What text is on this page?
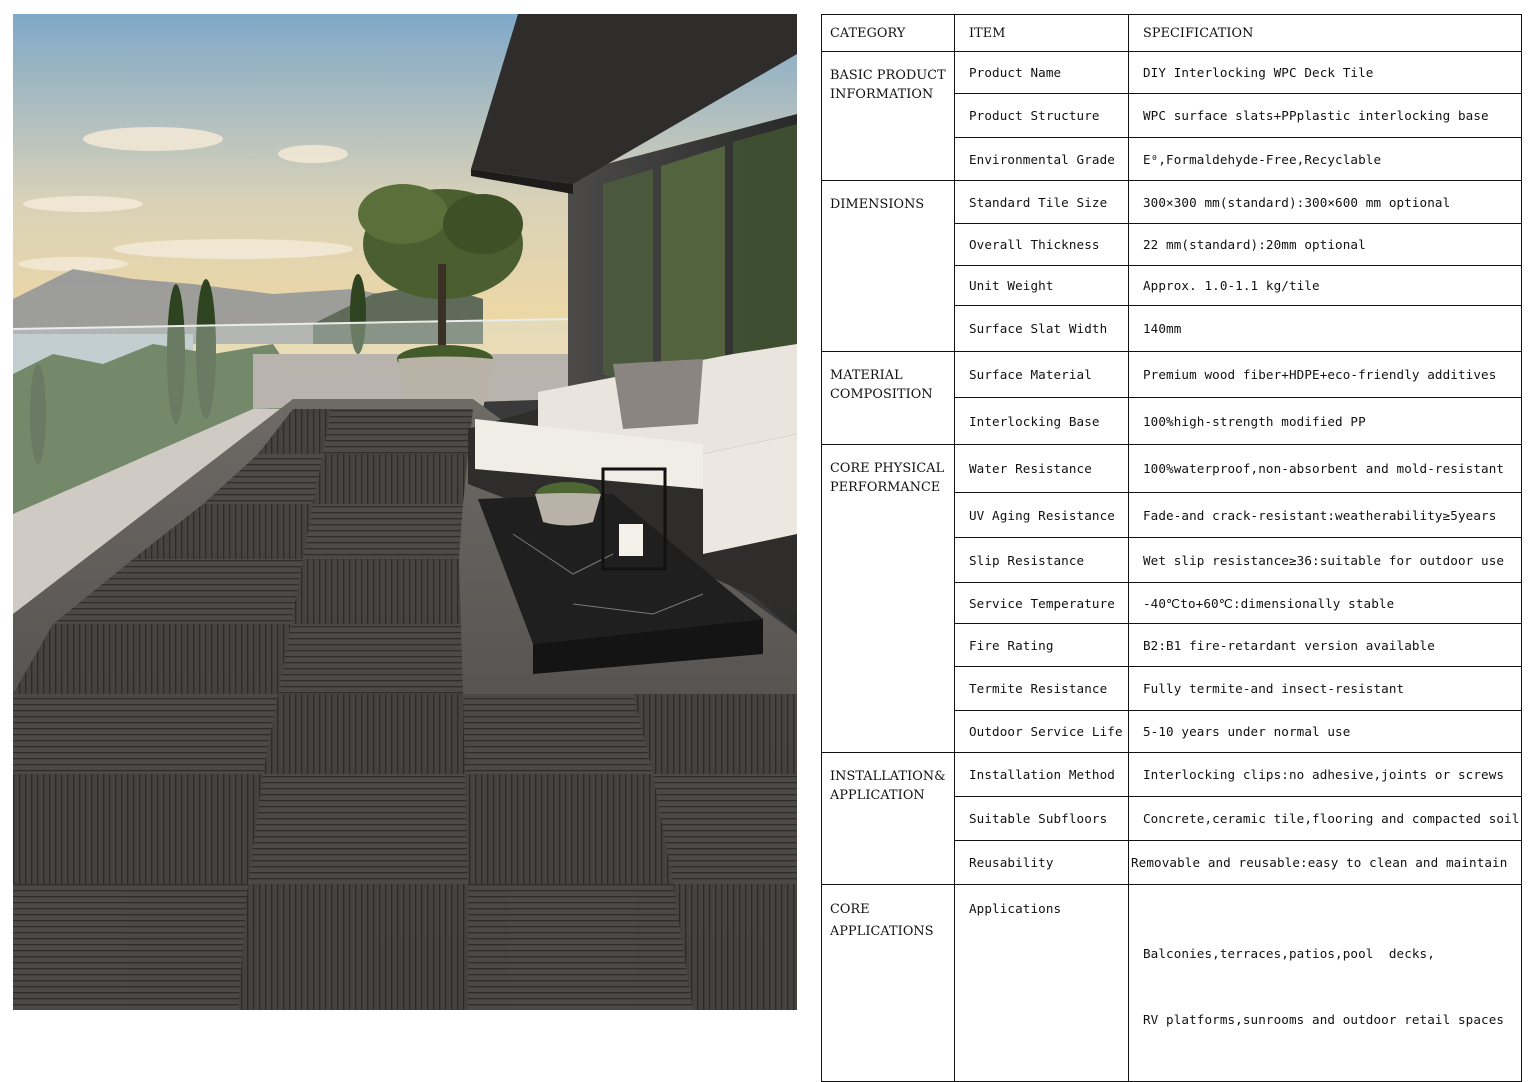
CATEGORY	ITEM	SPECIFICATION

BASIC PRODUCT
INFORMATION	Product Name	DIY Interlocking WPC Deck Tile
	Product Structure	WPC surface slats+PPplastic interlocking base
	Environmental Grade	E⁰,Formaldehyde-Free,Recyclable

DIMENSIONS	Standard Tile Size	300×300 mm(standard):300×600 mm optional
	Overall Thickness	22 mm(standard):20mm optional
	Unit Weight	Approx. 1.0-1.1 kg/tile
	Surface Slat Width	140mm

MATERIAL
COMPOSITION	Surface Material	Premium wood fiber+HDPE+eco-friendly additives
	Interlocking Base	100%high-strength modified PP

CORE PHYSICAL
PERFORMANCE	Water Resistance	100%waterproof,non-absorbent and mold-resistant
	UV Aging Resistance	Fade-and crack-resistant:weatherability≥5years
	Slip Resistance	Wet slip resistance≥36:suitable for outdoor use
	Service Temperature	-40℃to+60℃:dimensionally stable
	Fire Rating	B2:B1 fire-retardant version available
	Termite Resistance	Fully termite-and insect-resistant
	Outdoor Service Life	5-10 years under normal use

INSTALLATION&
APPLICATION	Installation Method	Interlocking clips:no adhesive,joints or screws
	Suitable Subfloors	Concrete,ceramic tile,flooring and compacted soil
	Reusability	Removable and reusable:easy to clean and maintain

CORE
APPLICATIONS	Applications	Balconies,terraces,patios,pool  decks,

RV platforms,sunrooms and outdoor retail spaces
